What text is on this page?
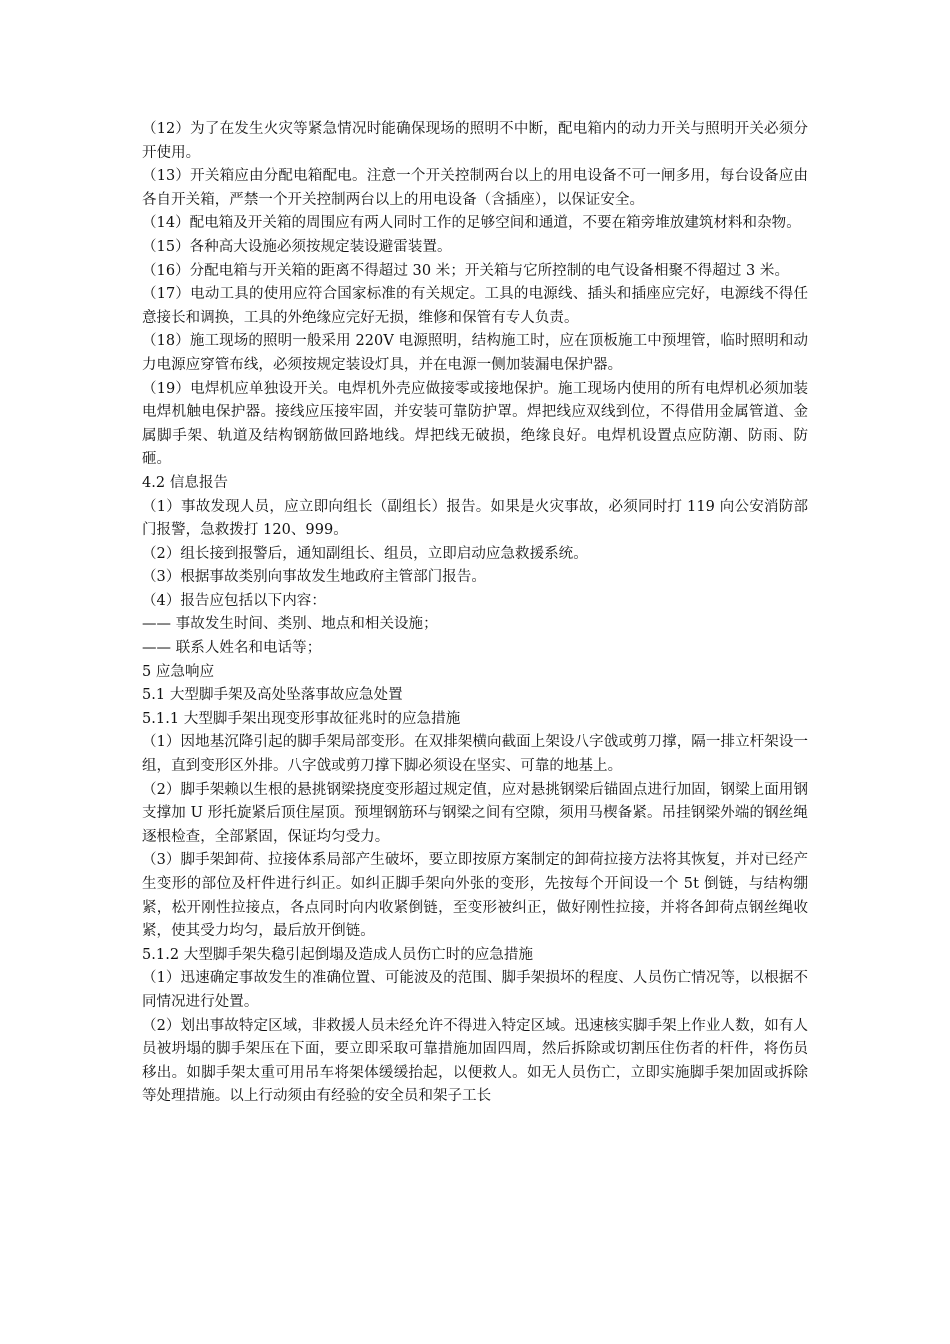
（12）为了在发生火灾等紧急情况时能确保现场的照明不中断，配电箱内的动力开关与照明开关必须分开使用。

（13）开关箱应由分配电箱配电。注意一个开关控制两台以上的用电设备不可一闸多用，每台设备应由各自开关箱，严禁一个开关控制两台以上的用电设备（含插座），以保证安全。

（14）配电箱及开关箱的周围应有两人同时工作的足够空间和通道，不要在箱旁堆放建筑材料和杂物。

（15）各种高大设施必须按规定装设避雷装置。

（16）分配电箱与开关箱的距离不得超过 30 米；开关箱与它所控制的电气设备相聚不得超过 3 米。

（17）电动工具的使用应符合国家标准的有关规定。工具的电源线、插头和插座应完好，电源线不得任意接长和调换，工具的外绝缘应完好无损，维修和保管有专人负责。

（18）施工现场的照明一般采用 220V 电源照明，结构施工时，应在顶板施工中预埋管，临时照明和动力电源应穿管布线，必须按规定装设灯具，并在电源一侧加装漏电保护器。

（19）电焊机应单独设开关。电焊机外壳应做接零或接地保护。施工现场内使用的所有电焊机必须加装电焊机触电保护器。接线应压接牢固，并安装可靠防护罩。焊把线应双线到位，不得借用金属管道、金属脚手架、轨道及结构钢筋做回路地线。焊把线无破损，绝缘良好。电焊机设置点应防潮、防雨、防砸。

4.2 信息报告

（1）事故发现人员，应立即向组长（副组长）报告。如果是火灾事故，必须同时打 119 向公安消防部门报警，急救拨打 120、999。

（2）组长接到报警后，通知副组长、组员，立即启动应急救援系统。

（3）根据事故类别向事故发生地政府主管部门报告。

（4）报告应包括以下内容：

—— 事故发生时间、类别、地点和相关设施；

—— 联系人姓名和电话等；

5 应急响应

5.1 大型脚手架及高处坠落事故应急处置

5.1.1 大型脚手架出现变形事故征兆时的应急措施

（1）因地基沉降引起的脚手架局部变形。在双排架横向截面上架设八字戗或剪刀撑，隔一排立杆架设一组，直到变形区外排。八字戗或剪刀撑下脚必须设在坚实、可靠的地基上。

（2）脚手架赖以生根的悬挑钢梁挠度变形超过规定值，应对悬挑钢梁后锚固点进行加固，钢梁上面用钢支撑加 U 形托旋紧后顶住屋顶。预埋钢筋环与钢梁之间有空隙，须用马楔备紧。吊挂钢梁外端的钢丝绳逐根检查，全部紧固，保证均匀受力。

（3）脚手架卸荷、拉接体系局部产生破坏，要立即按原方案制定的卸荷拉接方法将其恢复，并对已经产生变形的部位及杆件进行纠正。如纠正脚手架向外张的变形，先按每个开间设一个 5t 倒链，与结构绷紧，松开刚性拉接点，各点同时向内收紧倒链，至变形被纠正，做好刚性拉接，并将各卸荷点钢丝绳收紧，使其受力均匀，最后放开倒链。

5.1.2 大型脚手架失稳引起倒塌及造成人员伤亡时的应急措施

（1）迅速确定事故发生的准确位置、可能波及的范围、脚手架损坏的程度、人员伤亡情况等，以根据不同情况进行处置。

（2）划出事故特定区域，非救援人员未经允许不得进入特定区域。迅速核实脚手架上作业人数，如有人员被坍塌的脚手架压在下面，要立即采取可靠措施加固四周，然后拆除或切割压住伤者的杆件，将伤员移出。如脚手架太重可用吊车将架体缓缓抬起，以便救人。如无人员伤亡，立即实施脚手架加固或拆除等处理措施。以上行动须由有经验的安全员和架子工长
